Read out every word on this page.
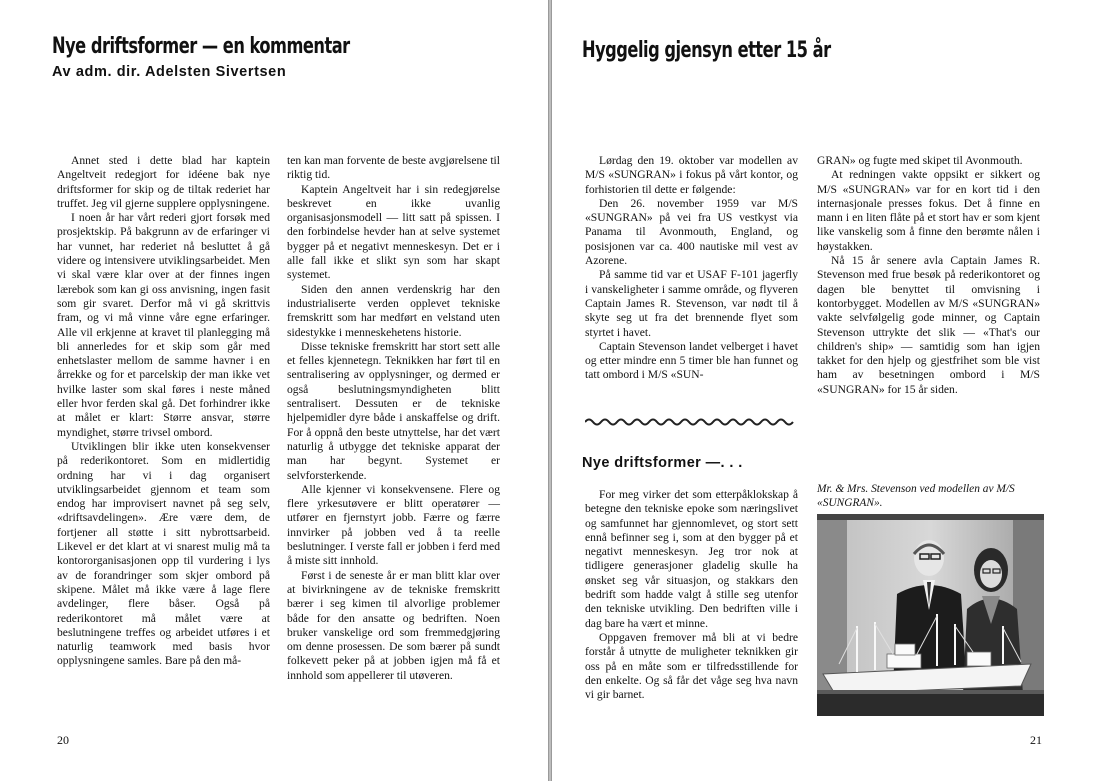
Nye driftsformer — en kommentar
Av adm. dir. Adelsten Sivertsen

Annet sted i dette blad har kaptein Angeltveit redegjort for idéene bak nye driftsformer for skip og de tiltak rederiet har truffet. Jeg vil gjerne supplere opplysningene.

I noen år har vårt rederi gjort forsøk med prosjektskip. På bakgrunn av de erfaringer vi har vunnet, har rederiet nå besluttet å gå videre og intensivere utviklingsarbeidet. Men vi skal være klar over at der finnes ingen lærebok som kan gi oss anvisning, ingen fasit som gir svaret. Derfor må vi gå skrittvis fram, og vi må vinne våre egne erfaringer. Alle vil erkjenne at kravet til planlegging må bli annerledes for et skip som går med enhetslaster mellom de samme havner i en årrekke og for et parcelskip der man ikke vet hvilke laster som skal føres i neste måned eller hvor ferden skal gå. Det forhindrer ikke at målet er klart: Større ansvar, større myndighet, større trivsel ombord.

Utviklingen blir ikke uten konsekvenser på rederikontoret. Som en midlertidig ordning har vi i dag organisert utviklingsarbeidet gjennom et team som endog har improvisert navnet på seg selv, «driftsavdelingen». Ære være dem, de fortjener all støtte i sitt nybrottsarbeid. Likevel er det klart at vi snarest mulig må ta kontororganisasjonen opp til vurdering i lys av de forandringer som skjer ombord på skipene. Målet må ikke være å lage flere avdelinger, flere båser. Også på rederikontoret må målet være at beslutningene treffes og arbeidet utføres i et naturlig teamwork med basis hvor opplysningene samles. Bare på den må-

ten kan man forvente de beste avgjørelsene til riktig tid.

Kaptein Angeltveit har i sin redegjørelse beskrevet en ikke uvanlig organisasjonsmodell — litt satt på spissen. I den forbindelse hevder han at selve systemet bygger på et negativt menneskesyn. Det er i alle fall ikke et slikt syn som har skapt systemet.

Siden den annen verdenskrig har den industrialiserte verden opplevet tekniske fremskritt som har medført en velstand uten sidestykke i menneskehetens historie.

Disse tekniske fremskritt har stort sett alle et felles kjennetegn. Teknikken har ført til en sentralisering av opplysninger, og dermed er også beslutningsmyndigheten blitt sentralisert. Dessuten er de tekniske hjelpemidler dyre både i anskaffelse og drift. For å oppnå den beste utnyttelse, har det vært naturlig å utbygge det tekniske apparat der man har begynt. Systemet er selvforsterkende.

Alle kjenner vi konsekvensene. Flere og flere yrkesutøvere er blitt operatører — utfører en fjernstyrt jobb. Færre og færre innvirker på jobben ved å ta reelle beslutninger. I verste fall er jobben i ferd med å miste sitt innhold.

Først i de seneste år er man blitt klar over at bivirkningene av de tekniske fremskritt bærer i seg kimen til alvorlige problemer både for den ansatte og bedriften. Noen bruker vanskelige ord som fremmedgjøring om denne prosessen. De som bærer på sundt folkevett peker på at jobben igjen må få et innhold som appellerer til utøveren.

20
Hyggelig gjensyn etter 15 år

Lørdag den 19. oktober var modellen av M/S «SUNGRAN» i fokus på vårt kontor, og forhistorien til dette er følgende:

Den 26. november 1959 var M/S «SUNGRAN» på vei fra US vestkyst via Panama til Avonmouth, England, og posisjonen var ca. 400 nautiske mil vest av Azorene.

På samme tid var et USAF F-101 jagerfly i vanskeligheter i samme område, og flyveren Captain James R. Stevenson, var nødt til å skyte seg ut fra det brennende flyet som styrtet i havet.

Captain Stevenson landet velberget i havet og etter mindre enn 5 timer ble han funnet og tatt ombord i M/S «SUN-

Nye driftsformer —. . .

For meg virker det som etterpåklokskap å betegne den tekniske epoke som næringslivet og samfunnet har gjennomlevet, og stort sett ennå befinner seg i, som at den bygger på et negativt menneskesyn. Jeg tror nok at tidligere generasjoner gladelig skulle ha ønsket seg vår situasjon, og stakkars den bedrift som hadde valgt å stille seg utenfor den tekniske utvikling. Den bedriften ville i dag bare ha vært et minne.

Oppgaven fremover må bli at vi bedre forstår å utnytte de muligheter teknikken gir oss på en måte som er tilfredsstillende for den enkelte. Og så får det våge seg hva navn vi gir barnet.

GRAN» og fugte med skipet til Avonmouth.

At redningen vakte oppsikt er sikkert og M/S «SUNGRAN» var for en kort tid i den internasjonale presses fokus. Det å finne en mann i en liten flåte på et stort hav er som kjent like vanskelig som å finne den berømte nålen i høystakken.

Nå 15 år senere avla Captain James R. Stevenson med frue besøk på rederikontoret og dagen ble benyttet til omvisning i kontorbygget. Modellen av M/S «SUNGRAN» vakte selvfølgelig gode minner, og Captain Stevenson uttrykte det slik — «That's our children's ship» — samtidig som han igjen takket for den hjelp og gjestfrihet som ble vist ham av besetningen ombord i M/S «SUNGRAN» for 15 år siden.

Mr. & Mrs. Stevenson ved modellen av M/S «SUNGRAN».
21
